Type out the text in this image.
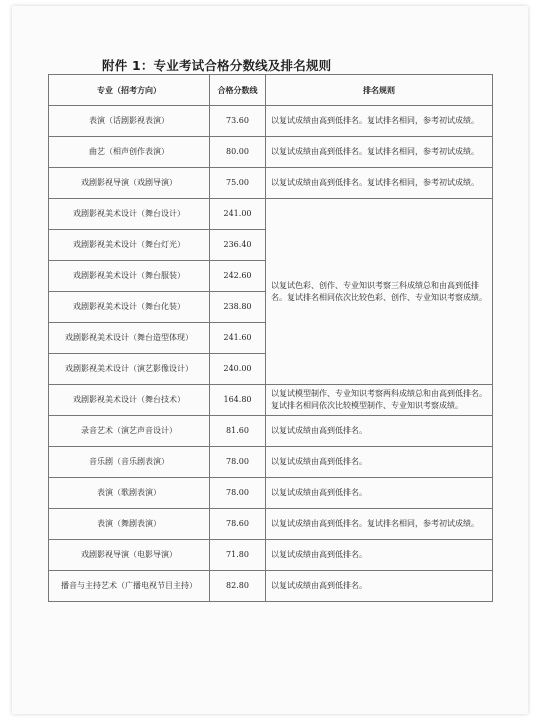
附件 1：专业考试合格分数线及排名规则
专业（招考方向）	合格分数线	排名规则
表演（话剧影视表演）	73.60	以复试成绩由高到低排名。复试排名相同，参考初试成绩。
曲艺（相声创作表演）	80.00	以复试成绩由高到低排名。复试排名相同，参考初试成绩。
戏剧影视导演（戏剧导演）	75.00	以复试成绩由高到低排名。复试排名相同，参考初试成绩。
戏剧影视美术设计（舞台设计）	241.00	以复试色彩、创作、专业知识考察三科成绩总和由高到低排名。复试排名相同依次比较色彩、创作、专业知识考察成绩。
戏剧影视美术设计（舞台灯光）	236.40	
戏剧影视美术设计（舞台服装）	242.60	
戏剧影视美术设计（舞台化装）	238.80	
戏剧影视美术设计（舞台造型体现）	241.60	
戏剧影视美术设计（演艺影像设计）	240.00	
戏剧影视美术设计（舞台技术）	164.80	以复试模型制作、专业知识考察两科成绩总和由高到低排名。复试排名相同依次比较模型制作、专业知识考察成绩。
录音艺术（演艺声音设计）	81.60	以复试成绩由高到低排名。
音乐剧（音乐剧表演）	78.00	以复试成绩由高到低排名。
表演（歌剧表演）	78.00	以复试成绩由高到低排名。
表演（舞剧表演）	78.60	以复试成绩由高到低排名。复试排名相同，参考初试成绩。
戏剧影视导演（电影导演）	71.80	以复试成绩由高到低排名。
播音与主持艺术（广播电视节目主持）	82.80	以复试成绩由高到低排名。
